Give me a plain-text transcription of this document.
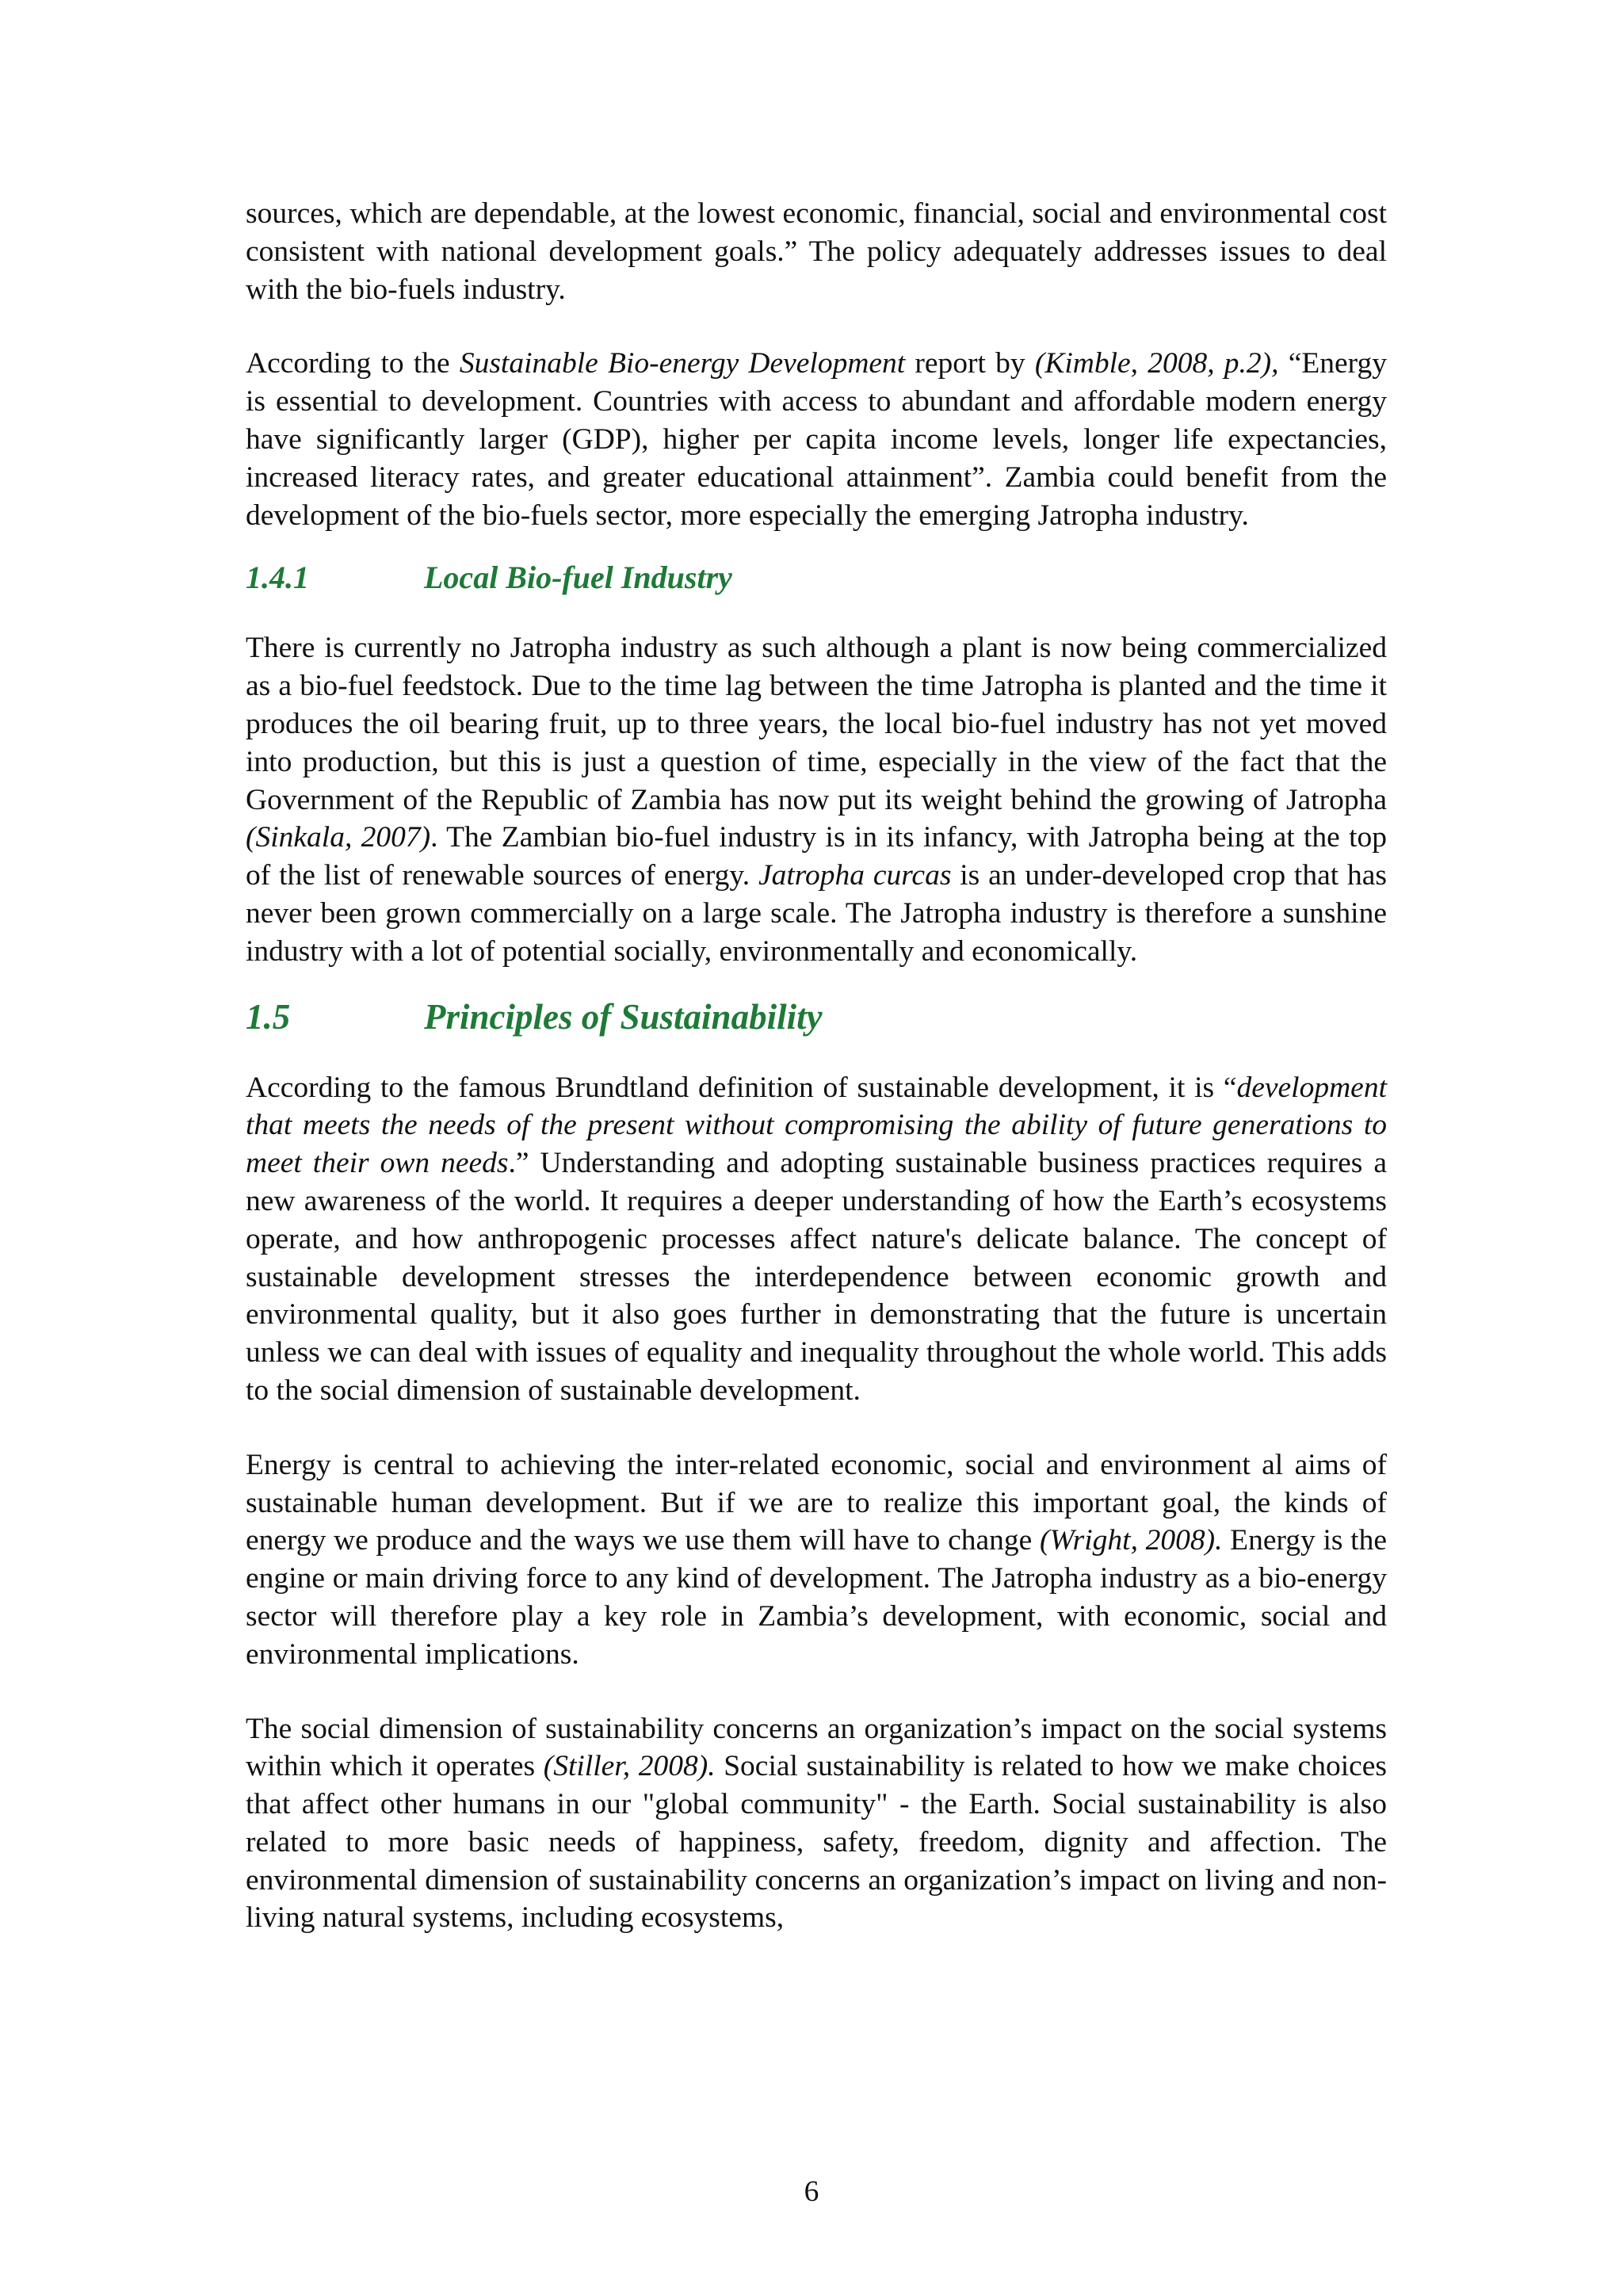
sources, which are dependable, at the lowest economic, financial, social and environmental cost consistent with national development goals.” The policy adequately addresses issues to deal with the bio-fuels industry.

According to the Sustainable Bio-energy Development report by (Kimble, 2008, p.2), “Energy is essential to development. Countries with access to abundant and affordable modern energy have significantly larger (GDP), higher per capita income levels, longer life expectancies, increased literacy rates, and greater educational attainment”. Zambia could benefit from the development of the bio-fuels sector, more especially the emerging Jatropha industry.

1.4.1	Local Bio-fuel Industry

There is currently no Jatropha industry as such although a plant is now being commercialized as a bio-fuel feedstock. Due to the time lag between the time Jatropha is planted and the time it produces the oil bearing fruit, up to three years, the local bio-fuel industry has not yet moved into production, but this is just a question of time, especially in the view of the fact that the Government of the Republic of Zambia has now put its weight behind the growing of Jatropha (Sinkala, 2007). The Zambian bio-fuel industry is in its infancy, with Jatropha being at the top of the list of renewable sources of energy. Jatropha curcas is an under-developed crop that has never been grown commercially on a large scale. The Jatropha industry is therefore a sunshine industry with a lot of potential socially, environmentally and economically.

1.5	Principles of Sustainability

According to the famous Brundtland definition of sustainable development, it is “development that meets the needs of the present without compromising the ability of future generations to meet their own needs.” Understanding and adopting sustainable business practices requires a new awareness of the world. It requires a deeper understanding of how the Earth’s ecosystems operate, and how anthropogenic processes affect nature's delicate balance. The concept of sustainable development stresses the interdependence between economic growth and environmental quality, but it also goes further in demonstrating that the future is uncertain unless we can deal with issues of equality and inequality throughout the whole world. This adds to the social dimension of sustainable development.

Energy is central to achieving the inter-related economic, social and environment al aims of sustainable human development. But if we are to realize this important goal, the kinds of energy we produce and the ways we use them will have to change (Wright, 2008). Energy is the engine or main driving force to any kind of development. The Jatropha industry as a bio-energy sector will therefore play a key role in Zambia’s development, with economic, social and environmental implications.

The social dimension of sustainability concerns an organization’s impact on the social systems within which it operates (Stiller, 2008). Social sustainability is related to how we make choices that affect other humans in our "global community" - the Earth. Social sustainability is also related to more basic needs of happiness, safety, freedom, dignity and affection. The environmental dimension of sustainability concerns an organization’s impact on living and non-living natural systems, including ecosystems,

6
